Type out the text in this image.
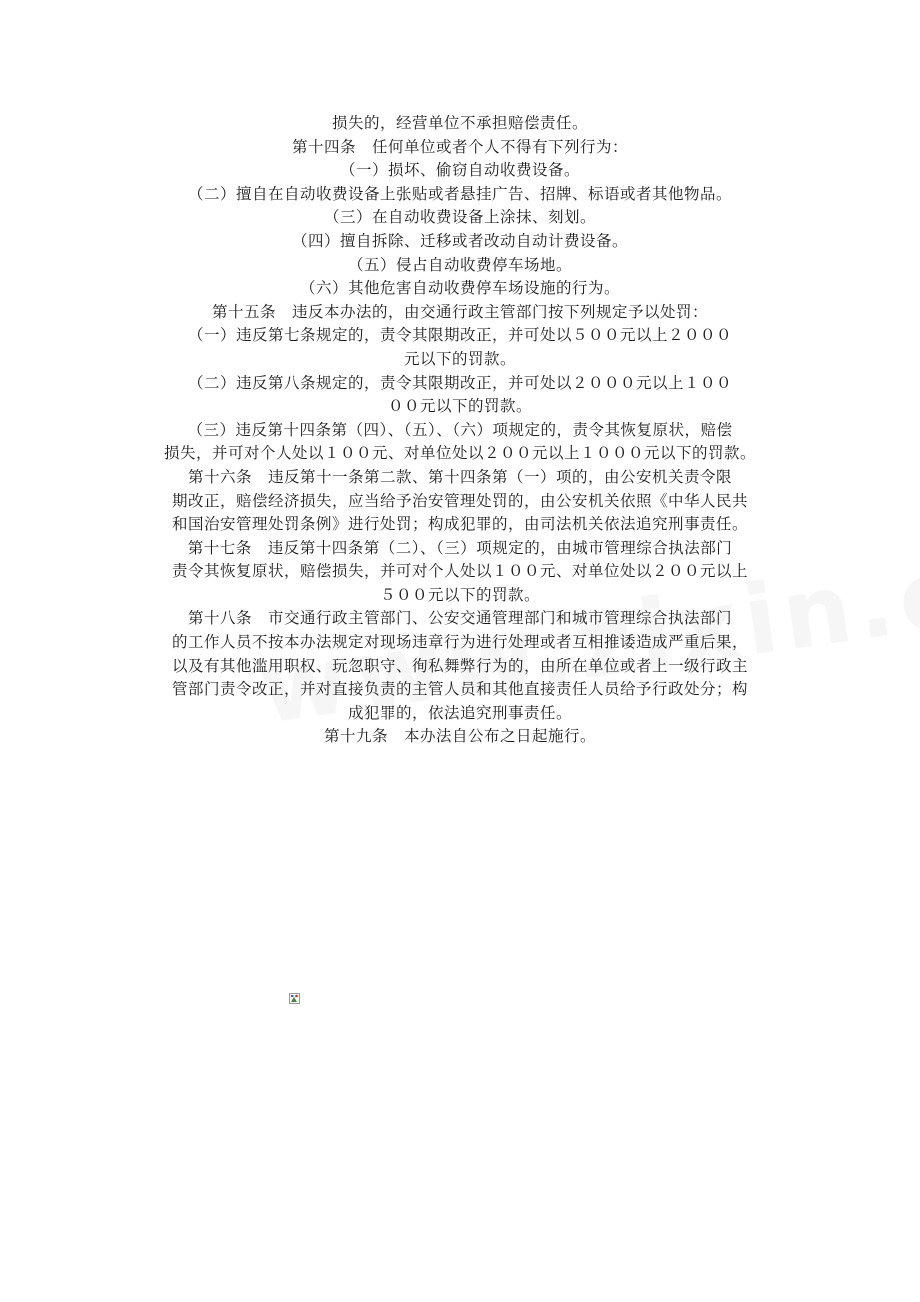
损失的，经营单位不承担赔偿责任。
第十四条　任何单位或者个人不得有下列行为：
（一）损坏、偷窃自动收费设备。
（二）擅自在自动收费设备上张贴或者悬挂广告、招牌、标语或者其他物品。
（三）在自动收费设备上涂抹、刻划。
（四）擅自拆除、迁移或者改动自动计费设备。
（五）侵占自动收费停车场地。
（六）其他危害自动收费停车场设施的行为。
第十五条　违反本办法的，由交通行政主管部门按下列规定予以处罚：
（一）违反第七条规定的，责令其限期改正，并可处以５００元以上２０００
元以下的罚款。
（二）违反第八条规定的，责令其限期改正，并可处以２０００元以上１００
００元以下的罚款。
（三）违反第十四条第（四）、（五）、（六）项规定的，责令其恢复原状，赔偿
损失，并可对个人处以１００元、对单位处以２００元以上１０００元以下的罚款。
第十六条　违反第十一条第二款、第十四条第（一）项的，由公安机关责令限
期改正，赔偿经济损失，应当给予治安管理处罚的，由公安机关依照《中华人民共
和国治安管理处罚条例》进行处罚；构成犯罪的，由司法机关依法追究刑事责任。
第十七条　违反第十四条第（二）、（三）项规定的，由城市管理综合执法部门
责令其恢复原状，赔偿损失，并可对个人处以１００元、对单位处以２００元以上
５００元以下的罚款。
第十八条　市交通行政主管部门、公安交通管理部门和城市管理综合执法部门
的工作人员不按本办法规定对现场违章行为进行处理或者互相推诿造成严重后果，
以及有其他滥用职权、玩忽职守、徇私舞弊行为的，由所在单位或者上一级行政主
管部门责令改正，并对直接负责的主管人员和其他直接责任人员给予行政处分；构
成犯罪的，依法追究刑事责任。
第十九条　本办法自公布之日起施行。
